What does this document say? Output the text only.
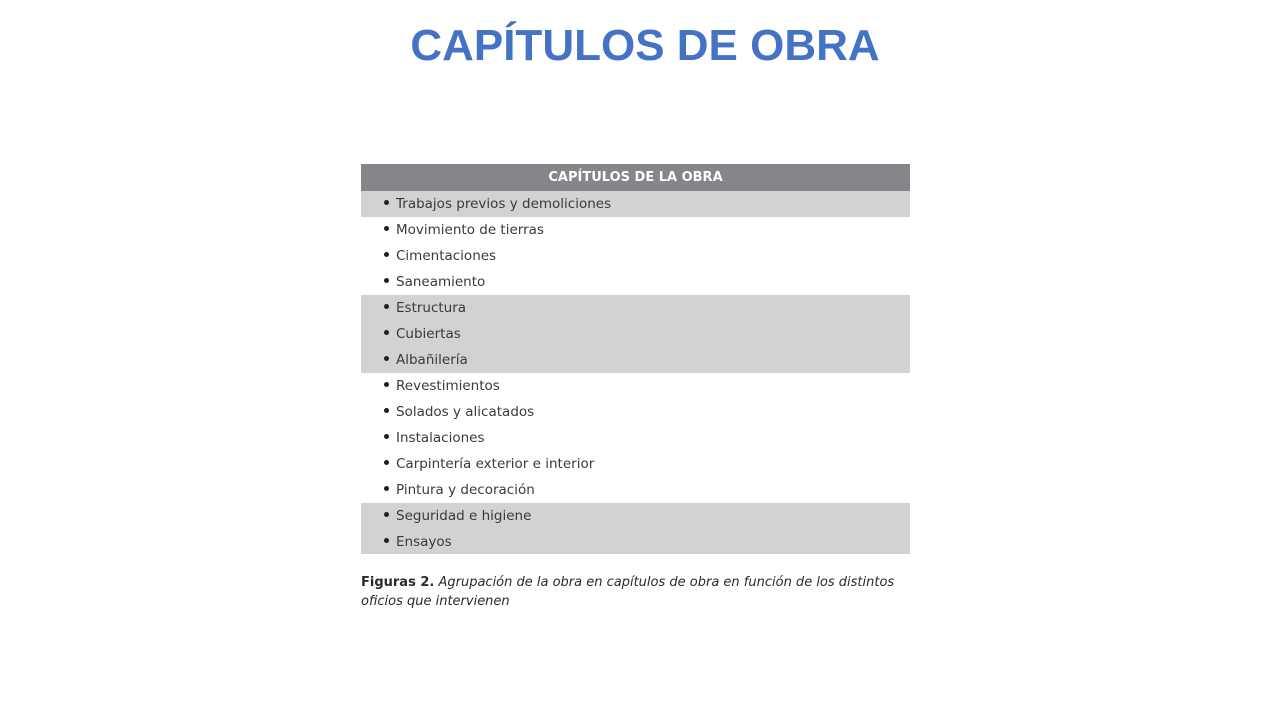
CAPÍTULOS DE OBRA
CAPÍTULOS DE LA OBRA

Trabajos previos y demoliciones

Movimiento de tierras

Cimentaciones

Saneamiento

Estructura

Cubiertas

Albañilería

Revestimientos

Solados y alicatados

Instalaciones

Carpintería exterior e interior

Pintura y decoración

Seguridad e higiene

Ensayos
Figuras 2. Agrupación de la obra en capítulos de obra en función de los distintos oficios que intervienen
